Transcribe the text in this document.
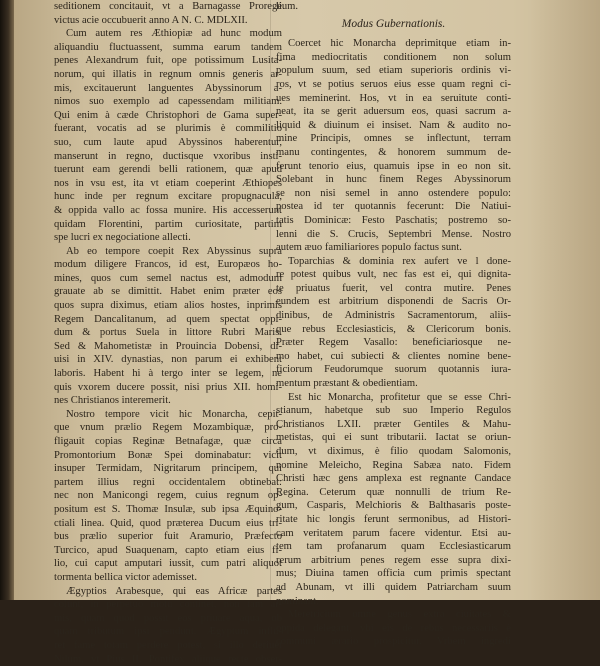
seditionem concitauit, vt a Barnagasse Proregé
victus acie occubuerit anno A N. C. MDLXII.
Cum autem res Æthiopiæ ad hunc modum
aliquandiu fluctuassent, summa earum tandem
penes Alexandrum fuit, ope potissimum Lusita-
norum, qui illatis in regnum omnis generis ar-
mis, excitauerunt languentes Abyssinorum a-
nimos suo exemplo ad capessendam militiam.
Qui enim à cæde Christophori de Gama super-
fuerant, vocatis ad se plurimis è commilitio
suo, cum laute apud Abyssinos haberentur,
manserunt in regno, ductisque vxoribus insti-
tuerunt eam gerendi belli rationem, quæ apud
nos in vsu est, ita vt etiam coeperint Æthiopes
hunc inde per regnum excitare propugnacula,
& oppida vallo ac fossa munire. His accesserunt
quidam Florentini, partim curiositate, partim
spe lucri ex negociatione allecti.
Ab eo tempore coepit Rex Abyssinus supra
modum diligere Francos, id est, Europæos ho-
mines, quos cum semel nactus est, admodum
grauate ab se dimittit. Habet enim præter eos
quos supra diximus, etiam alios hostes, inprimis
Regem Dancalitanum, ad quem spectat oppi-
dum & portus Suela in littore Rubri Maris.
Sed & Mahometistæ in Prouincia Dobensi, di-
uisi in XIV. dynastias, non parum ei exhibent
laboris. Habent hi à tergo inter se legem, ne
quis vxorem ducere possit, nisi prius XII. homi-
nes Christianos interemerit.
Nostro tempore vicit hic Monarcha, cepit-
que vnum prælio Regem Mozambiquæ, pro-
fligauit copias Reginæ Betnafagæ, quæ circa
Promontorium Bonæ Spei dominabatur: vicit
insuper Termidam, Nigritarum principem, qui
partem illius regni occidentalem obtinebat:
nec non Manicongi regem, cuius regnum op-
positum est S. Thomæ Insulæ, sub ipsa Æquino-
ctiali linea. Quid, quod præterea Ducum eius tri-
bus prælio superior fuit Aramurio, Præfecto
Turcico, apud Suaquenam, capto etiam eius fi-
lio, cui caput amputari iussit, cum patri aliquot
tormenta bellica victor ademisset.
Ægyptios Arabesque, qui eas Africæ partes
colunt, in perpetuo motu continet, non tam ar-
mis, quam quod possit eos priuare aqua, ob
quam tributum ipsi pendunt. Ægyptum influ-
ret fame totam perdere potest, si illo deriuet
Nilum, vt Pius II. Pontifex aliique recte obser-
lium.
Modus Gubernationis.
Coercet hic Monarcha deprimitque etiam in-
fima mediocritatis conditionem non solum
populum suum, sed etiam superioris ordinis vi-
ros, vt se potius seruos eius esse quam regni ci-
ues meminerint. Hos, vt in ea seruitute conti-
neat, ita se gerit aduersum eos, quasi sacrum a-
liquid & diuinum ei insiset. Nam & audito no-
mine Principis, omnes se inflectunt, terram
manu contingentes, & honorem summum de-
ferunt tenorio eius, quamuis ipse in eo non sit.
Solebant in hunc finem Reges Abyssinorum
se non nisi semel in anno ostendere populo:
postea id ter quotannis fecerunt: Die Natiui-
tatis Dominicæ: Festo Paschatis; postremo so-
lenni die S. Crucis, Septembri Mense. Nostro
autem æuo familiariores populo factus sunt.
Toparchias & dominia rex aufert ve l done-
re potest quibus vult, nec fas est ei, qui dignita-
te priuatus fuerit, vel contra mutire. Penes
eundem est arbitrium disponendi de Sacris Or-
dinibus, de Administris Sacramentorum, aliis-
que rebus Ecclesiasticis, & Clericorum bonis.
Præter Regem Vasallo: beneficiariosque ne-
mo habet, cui subiecti & clientes nomine bene-
ficiorum Feudorumque suorum quotannis iura-
mentum præstant & obedientiam.
Est hic Monarcha, profitetur que se esse Chri-
stianum, habetque sub suo Imperio Regulos
Christianos LXII. præter Gentiles & Mahu-
metistas, qui ei sunt tributarii. Iactat se oriun-
dum, vt diximus, è filio quodam Salomonis,
nomine Meleicho, Regina Sabæa nato. Fidem
Christi hæc gens amplexa est regnante Candace
Regina. Ceterum quæ nonnulli de trium Re-
gum, Casparis, Melchioris & Balthasaris poste-
ritate hic longis ferunt sermonibus, ad Histori-
cam veritatem parum facere videntur. Etsi au-
tem tam profanarum quam Ecclesiasticarum
rerum arbitrium penes regem esse supra dixi-
mus; Diuina tamen officia cum primis spectant
ad Abunam, vt illi quidem Patriarcham suum
nominant.
Meretricium omne genus extra ciuitates &
oppida delegant, vbi eis de rebus necessariis è
communi ærario prospicitur. Vrbem ingredi
